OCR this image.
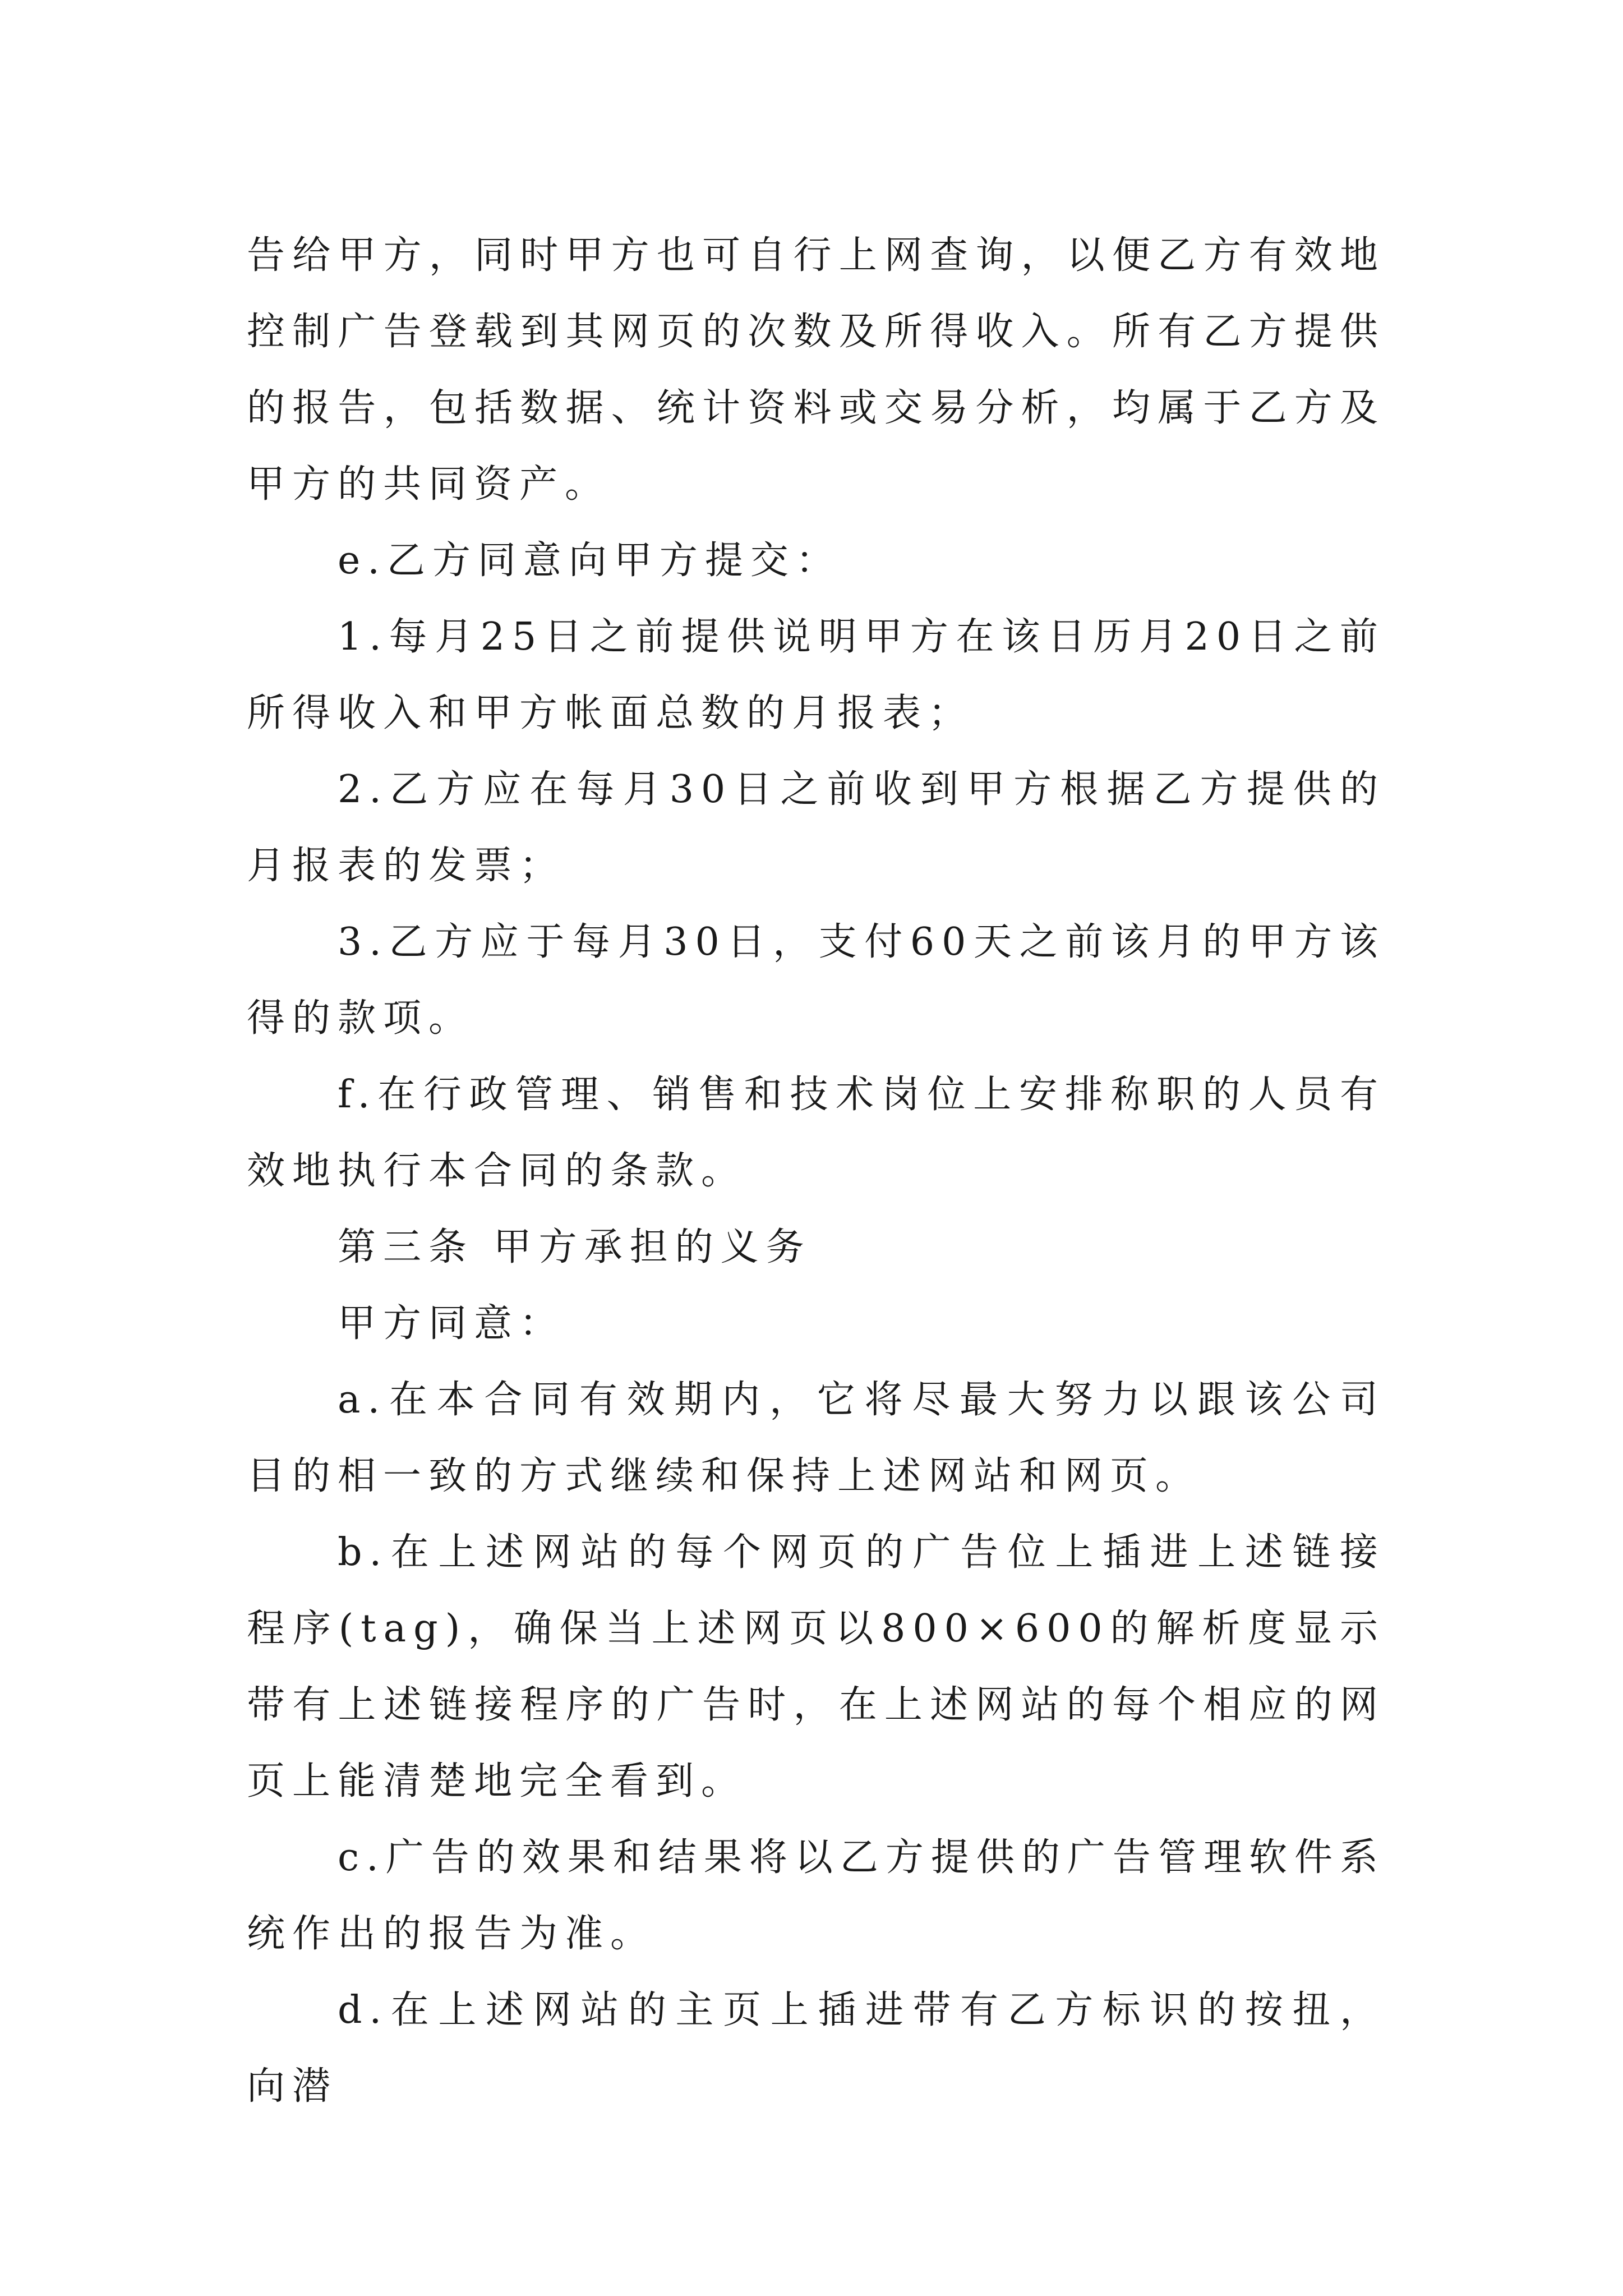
告给甲方，同时甲方也可自行上网查询，以便乙方有效地控制广告登载到其网页的次数及所得收入。所有乙方提供的报告，包括数据、统计资料或交易分析，均属于乙方及甲方的共同资产。

e.乙方同意向甲方提交：

1.每月25日之前提供说明甲方在该日历月20日之前所得收入和甲方帐面总数的月报表；

2.乙方应在每月30日之前收到甲方根据乙方提供的月报表的发票；

3.乙方应于每月30日，支付60天之前该月的甲方该得的款项。

f.在行政管理、销售和技术岗位上安排称职的人员有效地执行本合同的条款。

第三条 甲方承担的义务

甲方同意：

a.在本合同有效期内，它将尽最大努力以跟该公司目的相一致的方式继续和保持上述网站和网页。

b.在上述网站的每个网页的广告位上插进上述链接程序(tag)，确保当上述网页以800×600的解析度显示带有上述链接程序的广告时，在上述网站的每个相应的网页上能清楚地完全看到。

c.广告的效果和结果将以乙方提供的广告管理软件系统作出的报告为准。

d.在上述网站的主页上插进带有乙方标识的按扭，向潜
